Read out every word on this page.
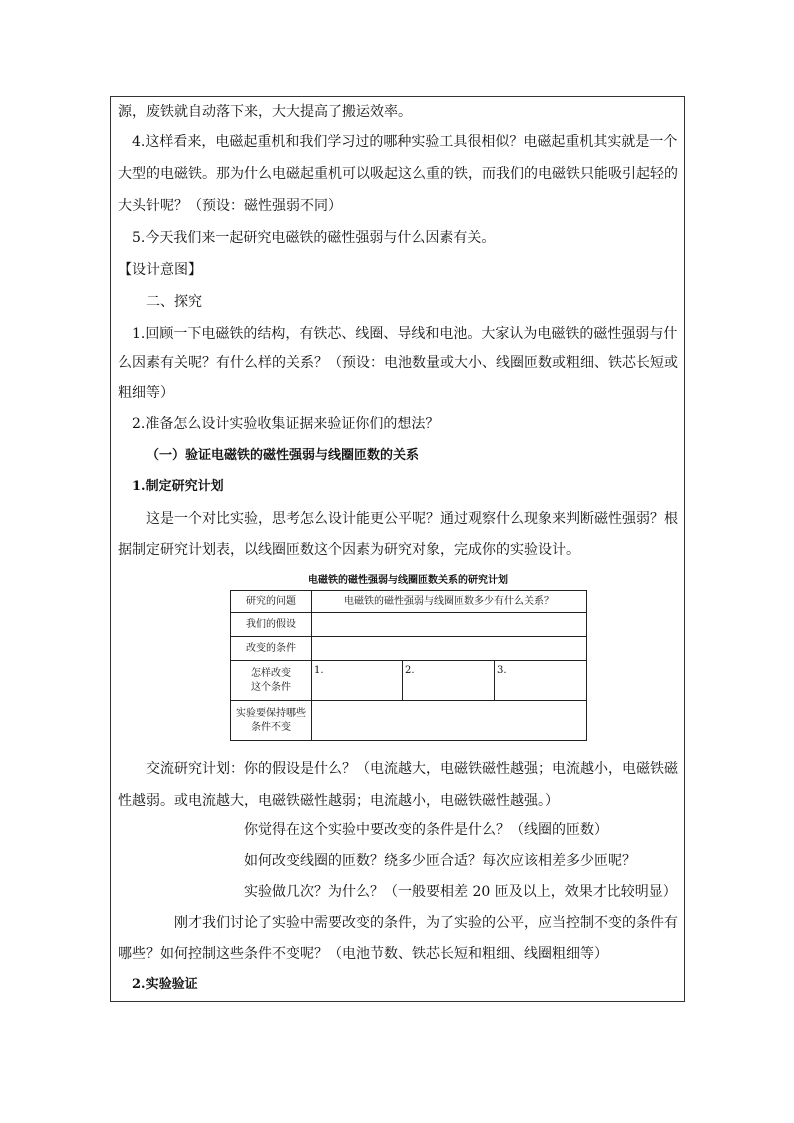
源，废铁就自动落下来，大大提高了搬运效率。
4.这样看来，电磁起重机和我们学习过的哪种实验工具很相似？电磁起重机其实就是一个
大型的电磁铁。那为什么电磁起重机可以吸起这么重的铁，而我们的电磁铁只能吸引起轻的
大头针呢？（预设：磁性强弱不同）
5.今天我们来一起研究电磁铁的磁性强弱与什么因素有关。
【设计意图】
二、探究
1.回顾一下电磁铁的结构，有铁芯、线圈、导线和电池。大家认为电磁铁的磁性强弱与什
么因素有关呢？有什么样的关系？（预设：电池数量或大小、线圈匝数或粗细、铁芯长短或
粗细等）
2.准备怎么设计实验收集证据来验证你们的想法？
（一）验证电磁铁的磁性强弱与线圈匝数的关系
1.制定研究计划
这是一个对比实验，思考怎么设计能更公平呢？通过观察什么现象来判断磁性强弱？根
据制定研究计划表，以线圈匝数这个因素为研究对象，完成你的实验设计。
电磁铁的磁性强弱与线圈匝数关系的研究计划
研究的问题	电磁铁的磁性强弱与线圈匝数多少有什么关系？		
我们的假设			
改变的条件			

怎样改变
这个条件	1.	2.	3.

实验要保持哪些
条件不变			

交流研究计划：你的假设是什么？（电流越大，电磁铁磁性越强；电流越小，电磁铁磁
性越弱。或电流越大，电磁铁磁性越弱；电流越小，电磁铁磁性越强。）
你觉得在这个实验中要改变的条件是什么？（线圈的匝数）
如何改变线圈的匝数？绕多少匝合适？每次应该相差多少匝呢？
实验做几次？为什么？（一般要相差 20 匝及以上，效果才比较明显）
刚才我们讨论了实验中需要改变的条件，为了实验的公平，应当控制不变的条件有
哪些？如何控制这些条件不变呢？（电池节数、铁芯长短和粗细、线圈粗细等）
2.实验验证
